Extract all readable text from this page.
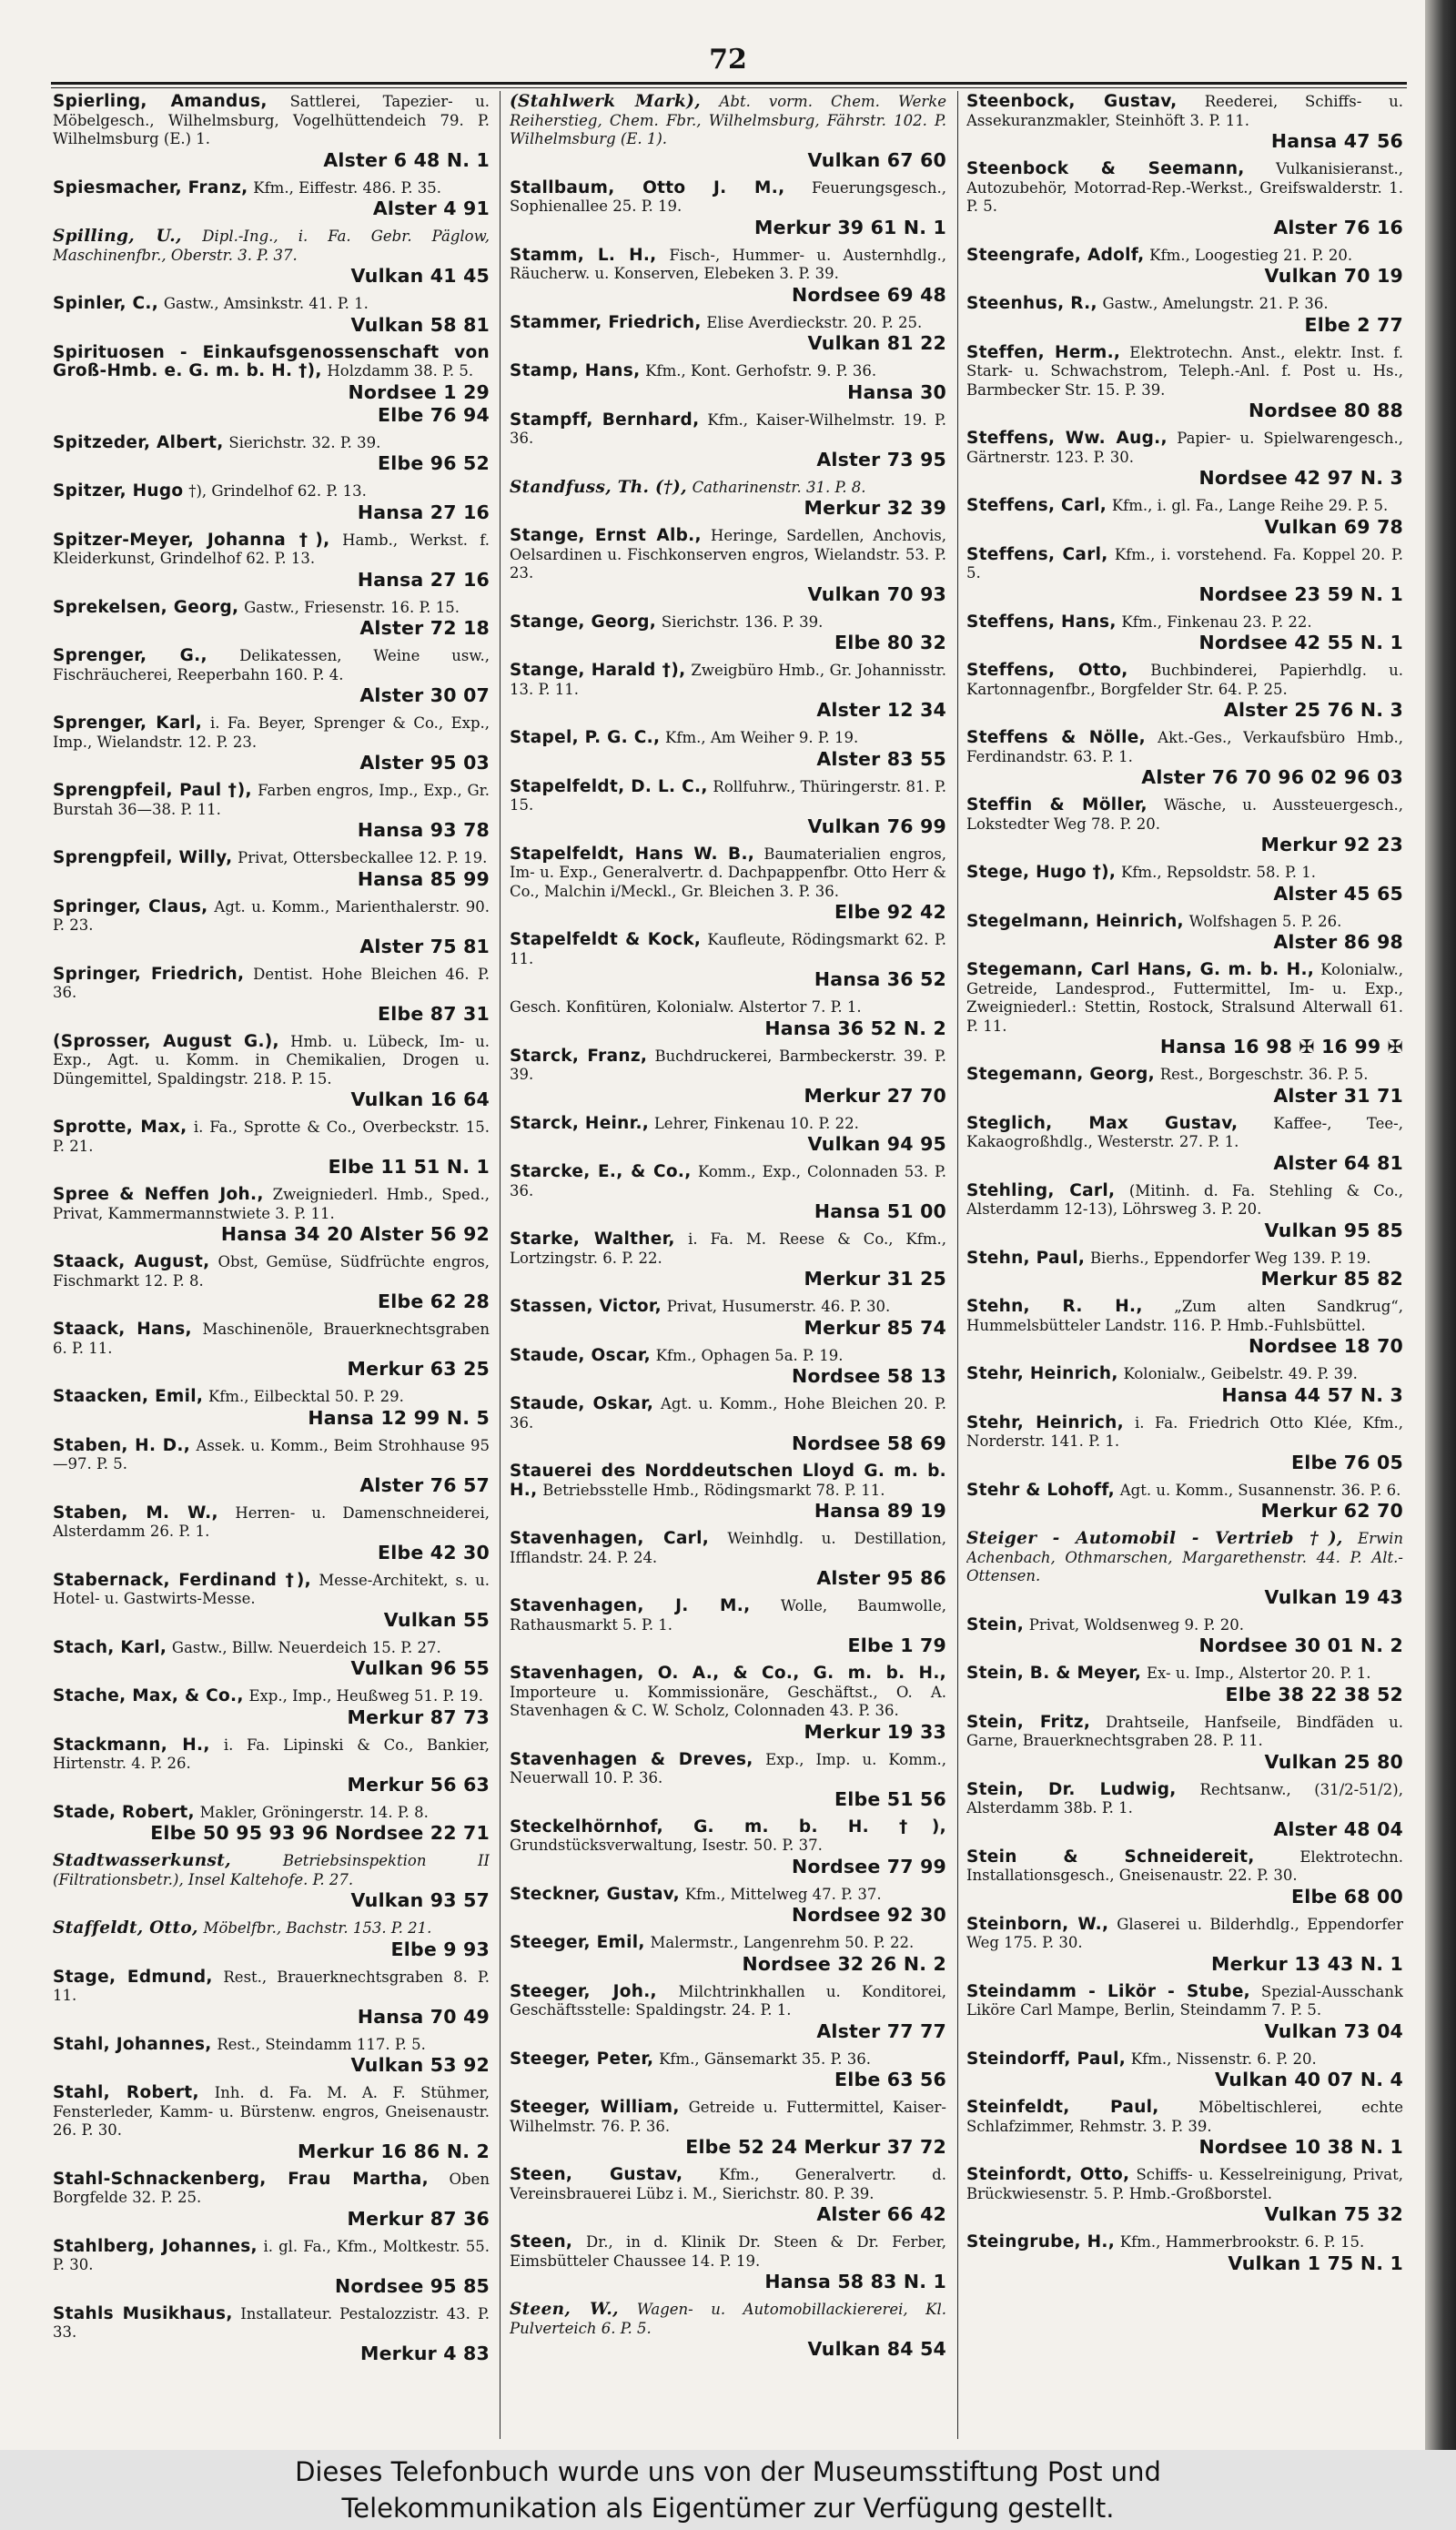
72
Spierling, Amandus, Sattlerei, Tapezier- u. Möbelgesch., Wilhelmsburg, Vogelhüttendeich 79. P. Wilhelmsburg (E.) 1.
Alster 6 48 N. 1
Spiesmacher, Franz, Kfm., Eiffestr. 486. P. 35.
Alster 4 91
Spilling, U., Dipl.-Ing., i. Fa. Gebr. Päglow, Maschinenfbr., Oberstr. 3. P. 37.
Vulkan 41 45
Spinler, C., Gastw., Amsinkstr. 41. P. 1.
Vulkan 58 81
Spirituosen - Einkaufsgenossenschaft von Groß-Hmb. e. G. m. b. H. †), Holzdamm 38. P. 5.
Nordsee 1 29
Elbe 76 94
Spitzeder, Albert, Sierichstr. 32. P. 39.
Elbe 96 52
Spitzer, Hugo †), Grindelhof 62. P. 13.
Hansa 27 16
Spitzer-Meyer, Johanna †), Hamb., Werkst. f. Kleiderkunst, Grindelhof 62. P. 13.
Hansa 27 16
Sprekelsen, Georg, Gastw., Friesenstr. 16. P. 15.
Alster 72 18
Sprenger, G., Delikatessen, Weine usw., Fischräucherei, Reeperbahn 160. P. 4.
Alster 30 07
Sprenger, Karl, i. Fa. Beyer, Sprenger & Co., Exp., Imp., Wielandstr. 12. P. 23.
Alster 95 03
Sprengpfeil, Paul †), Farben engros, Imp., Exp., Gr. Burstah 36—38. P. 11.
Hansa 93 78
Sprengpfeil, Willy, Privat, Ottersbeckallee 12. P. 19.
Hansa 85 99
Springer, Claus, Agt. u. Komm., Marienthalerstr. 90. P. 23.
Alster 75 81
Springer, Friedrich, Dentist. Hohe Bleichen 46. P. 36.
Elbe 87 31
(Sprosser, August G.), Hmb. u. Lübeck, Im- u. Exp., Agt. u. Komm. in Chemikalien, Drogen u. Düngemittel, Spaldingstr. 218. P. 15.
Vulkan 16 64
Sprotte, Max, i. Fa., Sprotte & Co., Overbeckstr. 15. P. 21.
Elbe 11 51 N. 1
Spree & Neffen Joh., Zweigniederl. Hmb., Sped., Privat, Kammermannstwiete 3. P. 11.
Hansa 34 20 Alster 56 92
Staack, August, Obst, Gemüse, Südfrüchte engros, Fischmarkt 12. P. 8.
Elbe 62 28
Staack, Hans, Maschinenöle, Brauerknechtsgraben 6. P. 11.
Merkur 63 25
Staacken, Emil, Kfm., Eilbecktal 50. P. 29.
Hansa 12 99 N. 5
Staben, H. D., Assek. u. Komm., Beim Strohhause 95—97. P. 5.
Alster 76 57
Staben, M. W., Herren- u. Damenschneiderei, Alsterdamm 26. P. 1.
Elbe 42 30
Stabernack, Ferdinand †), Messe-Architekt, s. u. Hotel- u. Gastwirts-Messe.
Vulkan 55
Stach, Karl, Gastw., Billw. Neuerdeich 15. P. 27.
Vulkan 96 55
Stache, Max, & Co., Exp., Imp., Heußweg 51. P. 19.
Merkur 87 73
Stackmann, H., i. Fa. Lipinski & Co., Bankier, Hirtenstr. 4. P. 26.
Merkur 56 63
Stade, Robert, Makler, Gröningerstr. 14. P. 8.
Elbe 50 95 93 96 Nordsee 22 71
Stadtwasserkunst,	Betriebsinspektion II (Filtrationsbetr.), Insel Kaltehofe. P. 27.
Vulkan 93 57
Staffeldt, Otto, Möbelfbr., Bachstr. 153. P. 21.
Elbe 9 93
Stage, Edmund, Rest., Brauerknechtsgraben 8. P. 11.
Hansa 70 49
Stahl, Johannes, Rest., Steindamm 117. P. 5.
Vulkan 53 92
Stahl, Robert, Inh. d. Fa. M. A. F. Stühmer, Fensterleder, Kamm- u. Bürstenw. engros, Gneisenaustr. 26. P. 30.
Merkur 16 86 N. 2
Stahl-Schnackenberg, Frau Martha, Oben Borgfelde 32. P. 25.
Merkur 87 36
Stahlberg, Johannes, i. gl. Fa., Kfm., Moltkestr. 55. P. 30.
Nordsee 95 85
Stahls Musikhaus, Installateur. Pestalozzistr. 43. P. 33.
Merkur 4 83
(Stahlwerk Mark), Abt. vorm. Chem. Werke Reiherstieg, Chem. Fbr., Wilhelmsburg, Fährstr. 102. P. Wilhelmsburg (E. 1).
Vulkan 67 60
Stallbaum, Otto J. M., Feuerungsgesch., Sophienallee 25. P. 19.
Merkur 39 61 N. 1
Stamm, L. H., Fisch-, Hummer- u. Austernhdlg., Räucherw. u. Konserven, Elebeken 3. P. 39.
Nordsee 69 48
Stammer, Friedrich, Elise Averdieckstr. 20. P. 25.
Vulkan 81 22
Stamp, Hans, Kfm., Kont. Gerhofstr. 9. P. 36.
Hansa 30
Stampff, Bernhard, Kfm., Kaiser-Wilhelmstr. 19. P. 36.
Alster 73 95
Standfuss, Th. (†), Catharinenstr. 31. P. 8.
Merkur 32 39
Stange, Ernst Alb., Heringe, Sardellen, Anchovis, Oelsardinen u. Fischkonserven engros, Wielandstr. 53. P. 23.
Vulkan 70 93
Stange, Georg, Sierichstr. 136. P. 39.
Elbe 80 32
Stange, Harald †), Zweigbüro Hmb., Gr. Johannisstr. 13. P. 11.
Alster 12 34
Stapel, P. G. C., Kfm., Am Weiher 9. P. 19.
Alster 83 55
Stapelfeldt, D. L. C., Rollfuhrw., Thüringerstr. 81. P. 15.
Vulkan 76 99
Stapelfeldt, Hans W. B., Baumaterialien engros, Im- u. Exp., Generalvertr. d. Dachpappenfbr. Otto Herr & Co., Malchin i/Meckl., Gr. Bleichen 3. P. 36.
Elbe 92 42
Stapelfeldt & Kock, Kaufleute, Rödingsmarkt 62. P. 11.
Hansa 36 52
Gesch. Konfitüren, Kolonialw. Alstertor 7. P. 1.
Hansa 36 52 N. 2
Starck, Franz, Buchdruckerei, Barmbeckerstr. 39. P. 39.
Merkur 27 70
Starck, Heinr., Lehrer, Finkenau 10. P. 22.
Vulkan 94 95
Starcke, E., & Co., Komm., Exp., Colonnaden 53. P. 36.
Hansa 51 00
Starke, Walther, i. Fa. M. Reese & Co., Kfm., Lortzingstr. 6. P. 22.
Merkur 31 25
Stassen, Victor, Privat, Husumerstr. 46. P. 30.
Merkur 85 74
Staude, Oscar, Kfm., Ophagen 5a. P. 19.
Nordsee 58 13
Staude, Oskar, Agt. u. Komm., Hohe Bleichen 20. P. 36.
Nordsee 58 69
Stauerei des Norddeutschen Lloyd G. m. b. H., Betriebsstelle Hmb., Rödingsmarkt 78. P. 11.
Hansa 89 19
Stavenhagen, Carl, Weinhdlg. u. Destillation, Ifflandstr. 24. P. 24.
Alster 95 86
Stavenhagen, J. M., Wolle, Baumwolle, Rathausmarkt 5. P. 1.
Elbe 1 79
Stavenhagen, O. A., & Co., G. m. b. H., Importeure u. Kommissionäre, Geschäftst., O. A. Stavenhagen & C. W. Scholz, Colonnaden 43. P. 36.
Merkur 19 33
Stavenhagen & Dreves, Exp., Imp. u. Komm., Neuerwall 10. P. 36.
Elbe 51 56
Steckelhörnhof, G. m. b. H. †), Grundstücksverwaltung, Isestr. 50. P. 37.
Nordsee 77 99
Steckner, Gustav, Kfm., Mittelweg 47. P. 37.
Nordsee 92 30
Steeger, Emil, Malermstr., Langenrehm 50. P. 22.
Nordsee 32 26 N. 2
Steeger, Joh., Milchtrinkhallen u. Konditorei, Geschäftsstelle: Spaldingstr. 24. P. 1.
Alster 77 77
Steeger, Peter, Kfm., Gänsemarkt 35. P. 36.
Elbe 63 56
Steeger, William, Getreide u. Futtermittel, Kaiser-Wilhelmstr. 76. P. 36.
Elbe 52 24 Merkur 37 72
Steen, Gustav, Kfm., Generalvertr. d. Vereinsbrauerei Lübz i. M., Sierichstr. 80. P. 39.
Alster 66 42
Steen, Dr., in d. Klinik Dr. Steen & Dr. Ferber, Eimsbütteler Chaussee 14. P. 19.
Hansa 58 83 N. 1
Steen, W., Wagen- u. Automobillackiererei, Kl. Pulverteich 6. P. 5.
Vulkan 84 54
Steenbock, Gustav, Reederei, Schiffs- u. Assekuranzmakler, Steinhöft 3. P. 11.
Hansa 47 56
Steenbock & Seemann, Vulkanisieranst., Autozubehör, Motorrad-Rep.-Werkst., Greifswalderstr. 1. P. 5.
Alster 76 16
Steengrafe, Adolf, Kfm., Loogestieg 21. P. 20.
Vulkan 70 19
Steenhus, R., Gastw., Amelungstr. 21. P. 36.
Elbe 2 77
Steffen, Herm., Elektrotechn. Anst., elektr. Inst. f. Stark- u. Schwachstrom, Teleph.-Anl. f. Post u. Hs., Barmbecker Str. 15. P. 39.
Nordsee 80 88
Steffens, Ww. Aug., Papier- u. Spielwarengesch., Gärtnerstr. 123. P. 30.
Nordsee 42 97 N. 3
Steffens, Carl, Kfm., i. gl. Fa., Lange Reihe 29. P. 5.
Vulkan 69 78
Steffens, Carl, Kfm., i. vorstehend. Fa. Koppel 20. P. 5.
Nordsee 23 59 N. 1
Steffens, Hans, Kfm., Finkenau 23. P. 22.
Nordsee 42 55 N. 1
Steffens, Otto, Buchbinderei, Papierhdlg. u. Kartonnagenfbr., Borgfelder Str. 64. P. 25.
Alster 25 76 N. 3
Steffens & Nölle, Akt.-Ges., Verkaufsbüro Hmb., Ferdinandstr. 63. P. 1.
Alster 76 70 96 02 96 03
Steffin & Möller, Wäsche, u. Aussteuergesch., Lokstedter Weg 78. P. 20.
Merkur 92 23
Stege, Hugo †), Kfm., Repsoldstr. 58. P. 1.
Alster 45 65
Stegelmann, Heinrich, Wolfshagen 5. P. 26.
Alster 86 98
Stegemann, Carl Hans, G. m. b. H., Kolonialw., Getreide, Landesprod., Futtermittel, Im- u. Exp., Zweigniederl.: Stettin, Rostock, Stralsund Alterwall 61. P. 11.
Hansa 16 98 ✠ 16 99 ✠
Stegemann, Georg, Rest., Borgeschstr. 36. P. 5.
Alster 31 71
Steglich, Max Gustav, Kaffee-, Tee-, Kakaogroßhdlg., Westerstr. 27. P. 1.
Alster 64 81
Stehling, Carl, (Mitinh. d. Fa. Stehling & Co., Alsterdamm 12-13), Löhrsweg 3. P. 20.
Vulkan 95 85
Stehn, Paul, Bierhs., Eppendorfer Weg 139. P. 19.
Merkur 85 82
Stehn, R. H., „Zum alten Sandkrug“, Hummelsbütteler Landstr. 116. P. Hmb.-Fuhlsbüttel.
Nordsee 18 70
Stehr, Heinrich, Kolonialw., Geibelstr. 49. P. 39.
Hansa 44 57 N. 3
Stehr, Heinrich, i. Fa. Friedrich Otto Klée, Kfm., Norderstr. 141. P. 1.
Elbe 76 05
Stehr & Lohoff, Agt. u. Komm., Susannenstr. 36. P. 6.
Merkur 62 70
Steiger - Automobil - Vertrieb †), Erwin Achenbach, Othmarschen, Margarethenstr. 44. P. Alt.-Ottensen.
Vulkan 19 43
Stein, Privat, Woldsenweg 9. P. 20.
Nordsee 30 01 N. 2
Stein, B. & Meyer, Ex- u. Imp., Alstertor 20. P. 1.
Elbe 38 22 38 52
Stein, Fritz, Drahtseile, Hanfseile, Bindfäden u. Garne, Brauerknechtsgraben 28. P. 11.
Vulkan 25 80
Stein, Dr. Ludwig, Rechtsanw., (31/2-51/2), Alsterdamm 38b. P. 1.
Alster 48 04
Stein & Schneidereit,	Elektrotechn. Installationsgesch., Gneisenaustr. 22. P. 30.
Elbe 68 00
Steinborn, W., Glaserei u. Bilderhdlg., Eppendorfer Weg 175. P. 30.
Merkur 13 43 N. 1
Steindamm - Likör - Stube, Spezial-Ausschank Liköre Carl Mampe, Berlin, Steindamm 7. P. 5.
Vulkan 73 04
Steindorff, Paul, Kfm., Nissenstr. 6. P. 20.
Vulkan 40 07 N. 4
Steinfeldt, Paul,	Möbeltischlerei, echte Schlafzimmer, Rehmstr. 3. P. 39.
Nordsee 10 38 N. 1
Steinfordt, Otto, Schiffs- u. Kesselreinigung, Privat, Brückwiesenstr. 5. P. Hmb.-Großborstel.
Vulkan 75 32
Steingrube, H., Kfm., Hammerbrookstr. 6. P. 15.
Vulkan 1 75 N. 1
Dieses Telefonbuch wurde uns von der Museumsstiftung Post und
Telekommunikation als Eigentümer zur Verfügung gestellt.
